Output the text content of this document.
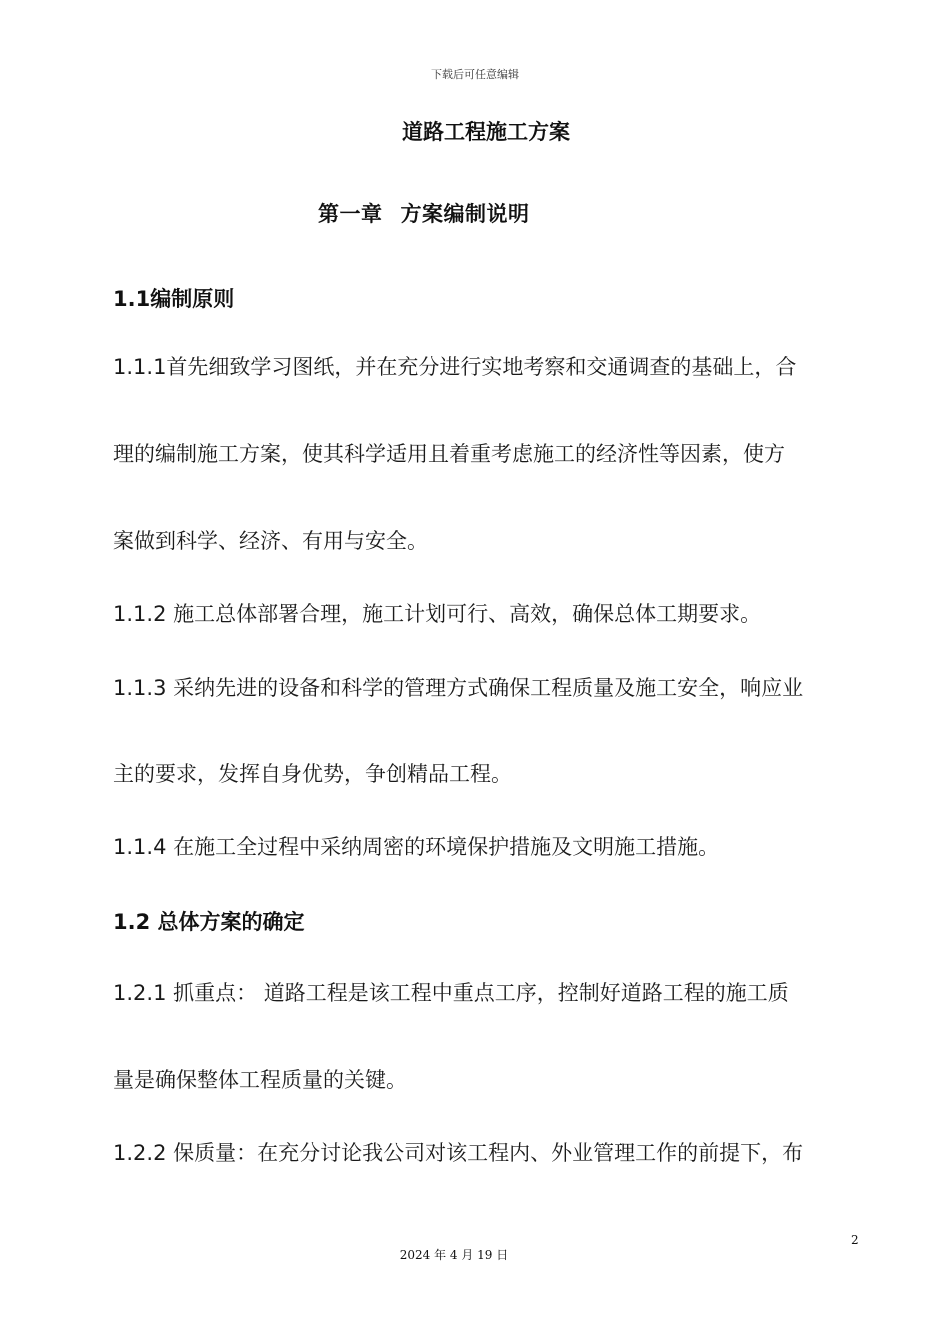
下载后可任意编辑
道路工程施工方案
第一章 方案编制说明
1.1编制原则
1.1.1首先细致学习图纸，并在充分进行实地考察和交通调查的基础上，合
理的编制施工方案，使其科学适用且着重考虑施工的经济性等因素，使方
案做到科学、经济、有用与安全。
1.1.2 施工总体部署合理，施工计划可行、高效，确保总体工期要求。
1.1.3 采纳先进的设备和科学的管理方式确保工程质量及施工安全，响应业
主的要求，发挥自身优势，争创精品工程。
1.1.4 在施工全过程中采纳周密的环境保护措施及文明施工措施。
1.2 总体方案的确定
1.2.1 抓重点： 道路工程是该工程中重点工序，控制好道路工程的施工质
量是确保整体工程质量的关键。
1.2.2 保质量：在充分讨论我公司对该工程内、外业管理工作的前提下，布
2
2024 年 4 月 19 日
